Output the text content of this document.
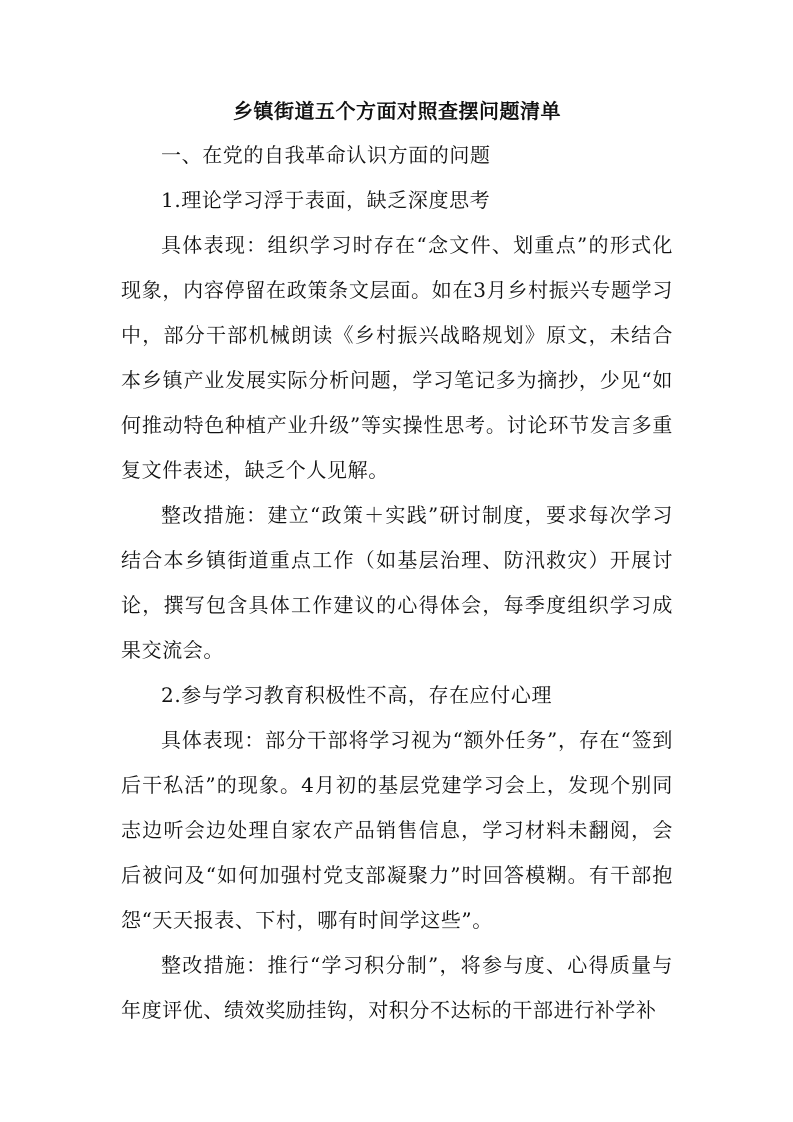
乡镇街道五个方面对照查摆问题清单

一、在党的自我革命认识方面的问题

1.理论学习浮于表面，缺乏深度思考

具体表现：组织学习时存在“念文件、划重点”的形式化现象，内容停留在政策条文层面。如在3月乡村振兴专题学习中，部分干部机械朗读《乡村振兴战略规划》原文，未结合本乡镇产业发展实际分析问题，学习笔记多为摘抄，少见“如何推动特色种植产业升级”等实操性思考。讨论环节发言多重复文件表述，缺乏个人见解。

整改措施：建立“政策＋实践”研讨制度，要求每次学习结合本乡镇街道重点工作（如基层治理、防汛救灾）开展讨论，撰写包含具体工作建议的心得体会，每季度组织学习成果交流会。

2.参与学习教育积极性不高，存在应付心理

具体表现：部分干部将学习视为“额外任务”，存在“签到后干私活”的现象。4月初的基层党建学习会上，发现个别同志边听会边处理自家农产品销售信息，学习材料未翻阅，会后被问及“如何加强村党支部凝聚力”时回答模糊。有干部抱怨“天天报表、下村，哪有时间学这些”。

整改措施：推行“学习积分制”，将参与度、心得质量与年度评优、绩效奖励挂钩，对积分不达标的干部进行补学补
